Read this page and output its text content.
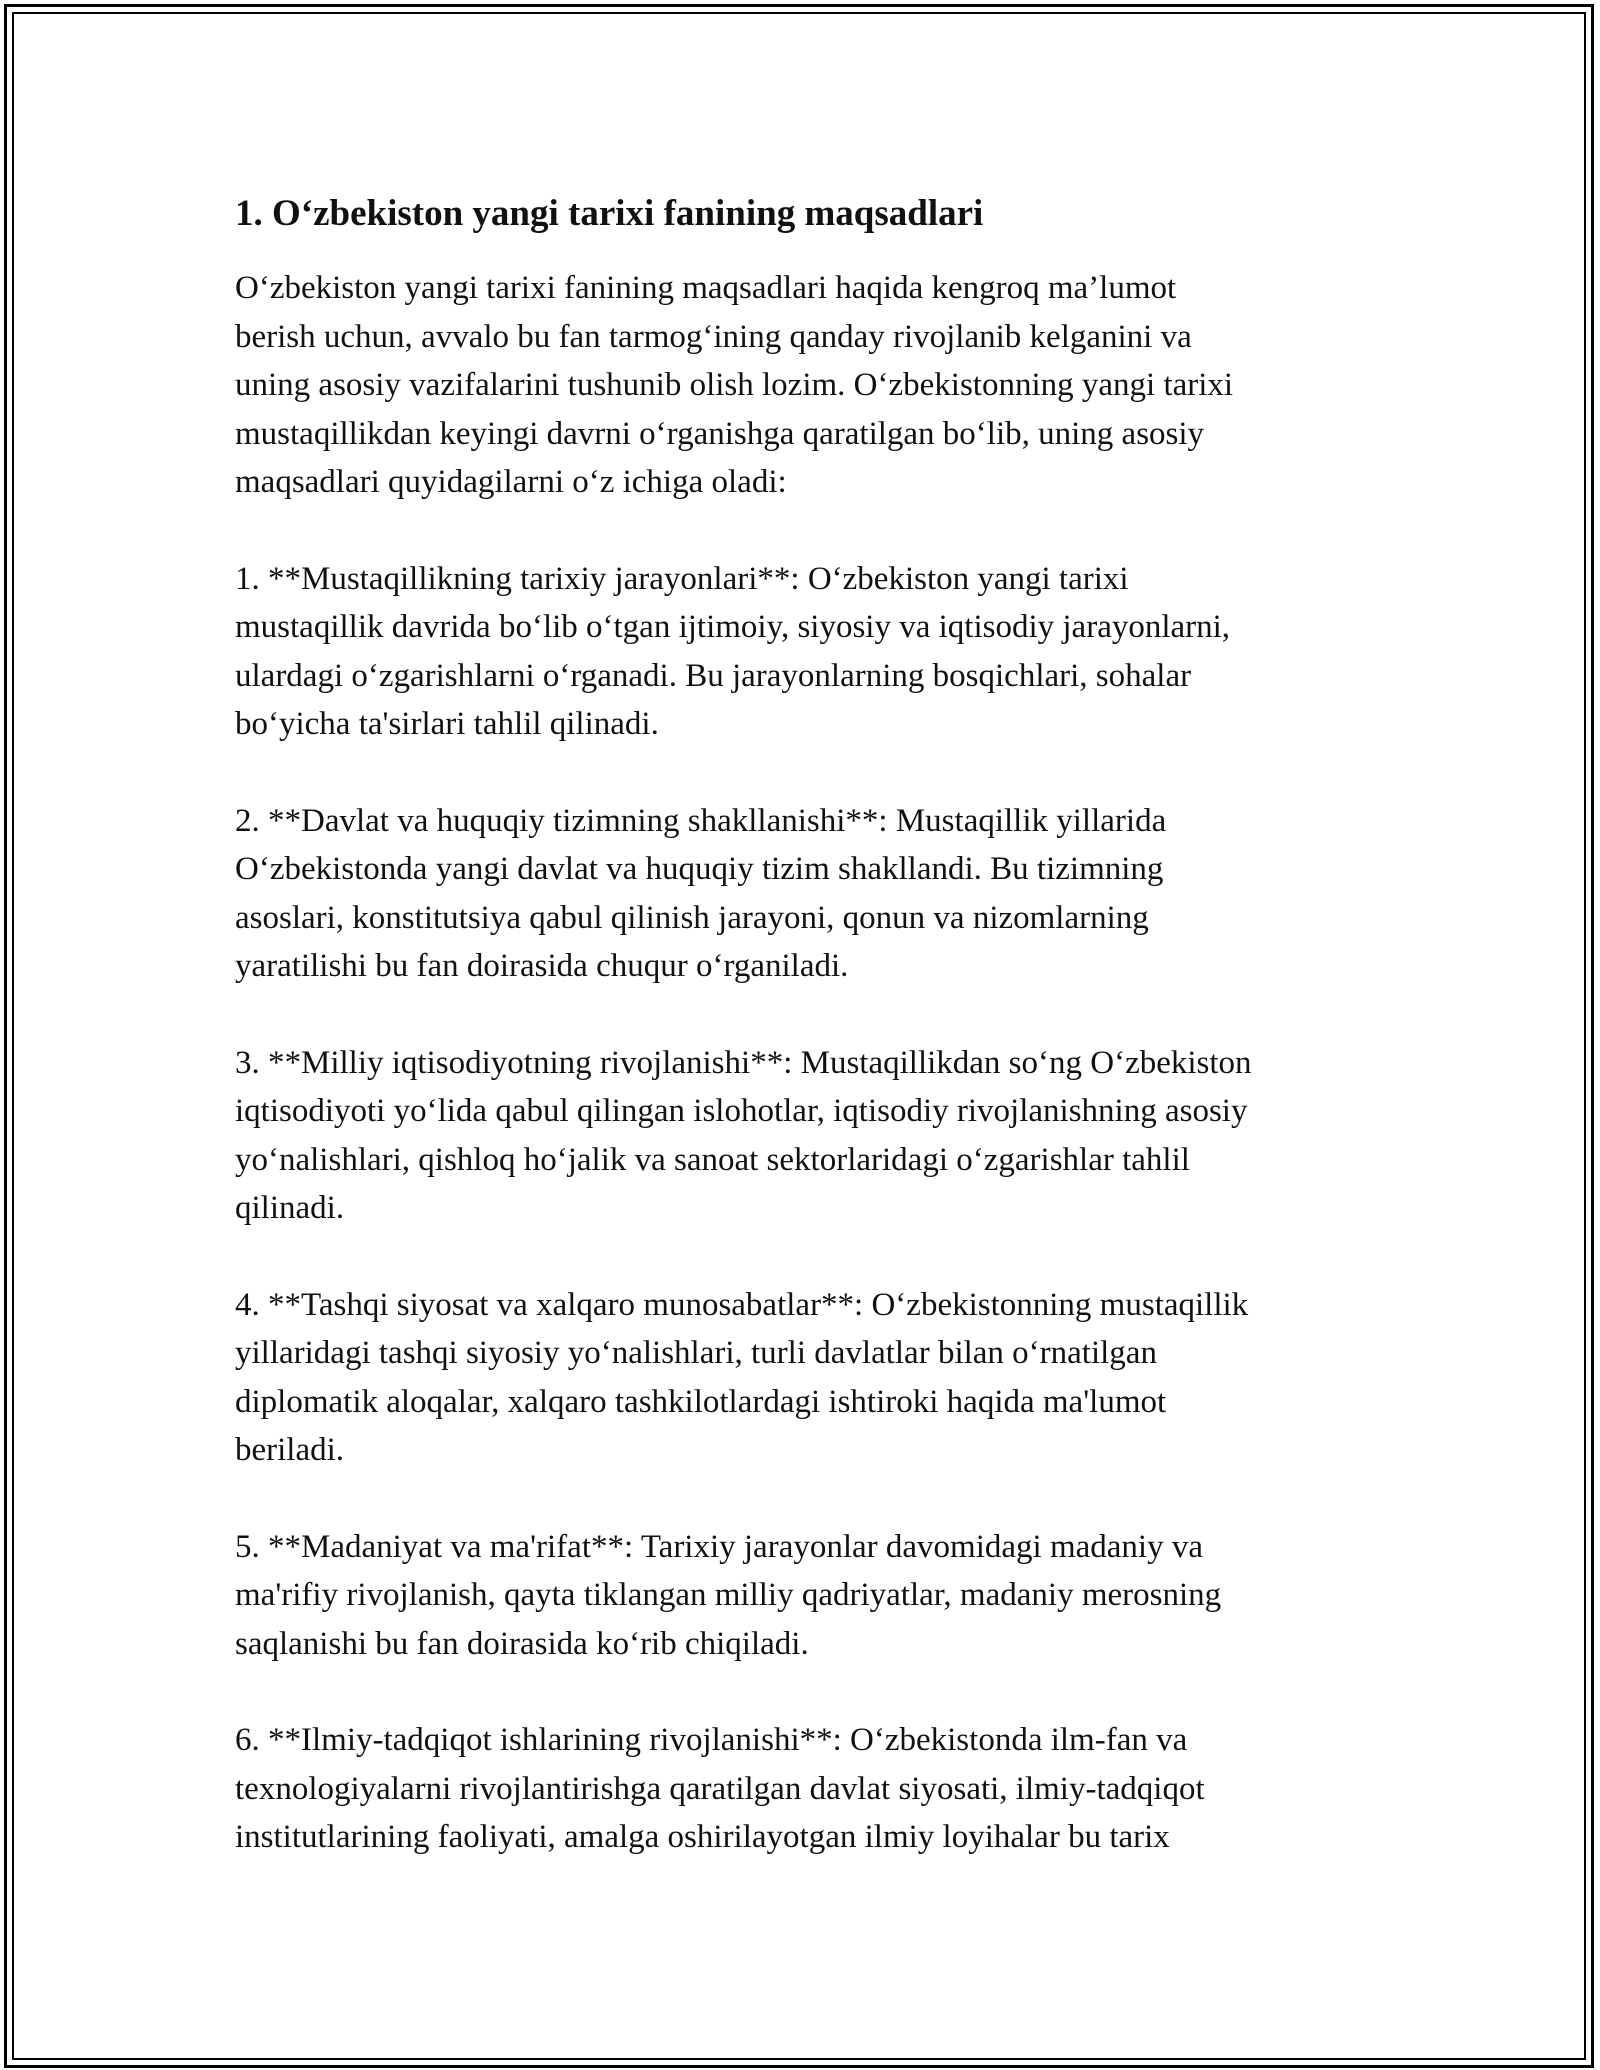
1. O‘zbekiston yangi tarixi fanining maqsadlari

O‘zbekiston yangi tarixi fanining maqsadlari haqida kengroq ma’lumot
berish uchun, avvalo bu fan tarmog‘ining qanday rivojlanib kelganini va
uning asosiy vazifalarini tushunib olish lozim. O‘zbekistonning yangi tarixi
mustaqillikdan keyingi davrni o‘rganishga qaratilgan bo‘lib, uning asosiy
maqsadlari quyidagilarni o‘z ichiga oladi:

1. **Mustaqillikning tarixiy jarayonlari**: O‘zbekiston yangi tarixi
mustaqillik davrida bo‘lib o‘tgan ijtimoiy, siyosiy va iqtisodiy jarayonlarni,
ulardagi o‘zgarishlarni o‘rganadi. Bu jarayonlarning bosqichlari, sohalar
bo‘yicha ta'sirlari tahlil qilinadi.

2. **Davlat va huquqiy tizimning shakllanishi**: Mustaqillik yillarida
O‘zbekistonda yangi davlat va huquqiy tizim shakllandi. Bu tizimning
asoslari, konstitutsiya qabul qilinish jarayoni, qonun va nizomlarning
yaratilishi bu fan doirasida chuqur o‘rganiladi.

3. **Milliy iqtisodiyotning rivojlanishi**: Mustaqillikdan so‘ng O‘zbekiston
iqtisodiyoti yo‘lida qabul qilingan islohotlar, iqtisodiy rivojlanishning asosiy
yo‘nalishlari, qishloq ho‘jalik va sanoat sektorlaridagi o‘zgarishlar tahlil
qilinadi.

4. **Tashqi siyosat va xalqaro munosabatlar**: O‘zbekistonning mustaqillik
yillaridagi tashqi siyosiy yo‘nalishlari, turli davlatlar bilan o‘rnatilgan
diplomatik aloqalar, xalqaro tashkilotlardagi ishtiroki haqida ma'lumot
beriladi.

5. **Madaniyat va ma'rifat**: Tarixiy jarayonlar davomidagi madaniy va
ma'rifiy rivojlanish, qayta tiklangan milliy qadriyatlar, madaniy merosning
saqlanishi bu fan doirasida ko‘rib chiqiladi.

6. **Ilmiy-tadqiqot ishlarining rivojlanishi**: O‘zbekistonda ilm-fan va
texnologiyalarni rivojlantirishga qaratilgan davlat siyosati, ilmiy-tadqiqot
institutlarining faoliyati, amalga oshirilayotgan ilmiy loyihalar bu tarix
